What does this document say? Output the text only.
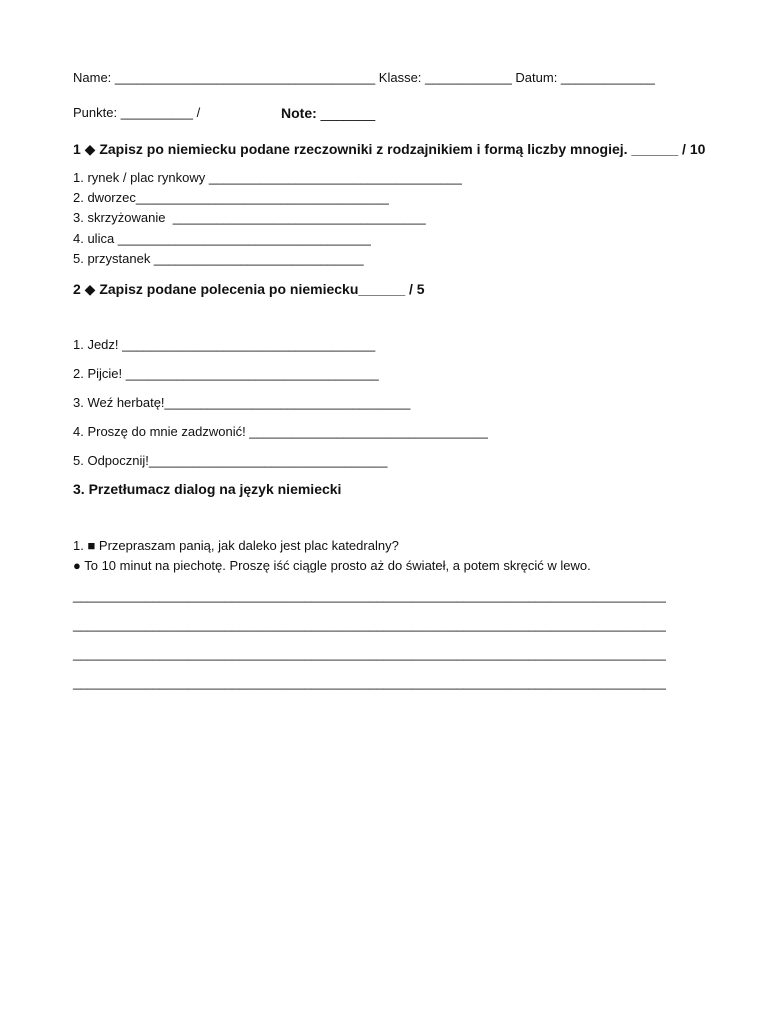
Name: ____________________________________ Klasse: ____________ Datum: _____________
Punkte: __________ /	Note: _______
1 ◆ Zapisz po niemiecku podane rzeczowniki z rodzajnikiem i formą liczby mnogiej. ______ / 10
1. rynek / plac rynkowy ___________________________________
2. dworzec___________________________________
3. skrzyżowanie  ___________________________________
4. ulica ___________________________________
5. przystanek _____________________________
2 ◆ Zapisz podane polecenia po niemiecku______ / 5
1. Jedz! ___________________________________
2. Pijcie! ___________________________________
3. Weź herbatę!__________________________________
4. Proszę do mnie zadzwonić! _________________________________
5. Odpocznij!_________________________________
3. Przetłumacz dialog na język niemiecki
1. ■ Przepraszam panią, jak daleko jest plac katedralny?
● To 10 minut na piechotę. Proszę iść ciągle prosto aż do świateł, a potem skręcić w lewo.
__________________________________________________________________________________
__________________________________________________________________________________
__________________________________________________________________________________
__________________________________________________________________________________
